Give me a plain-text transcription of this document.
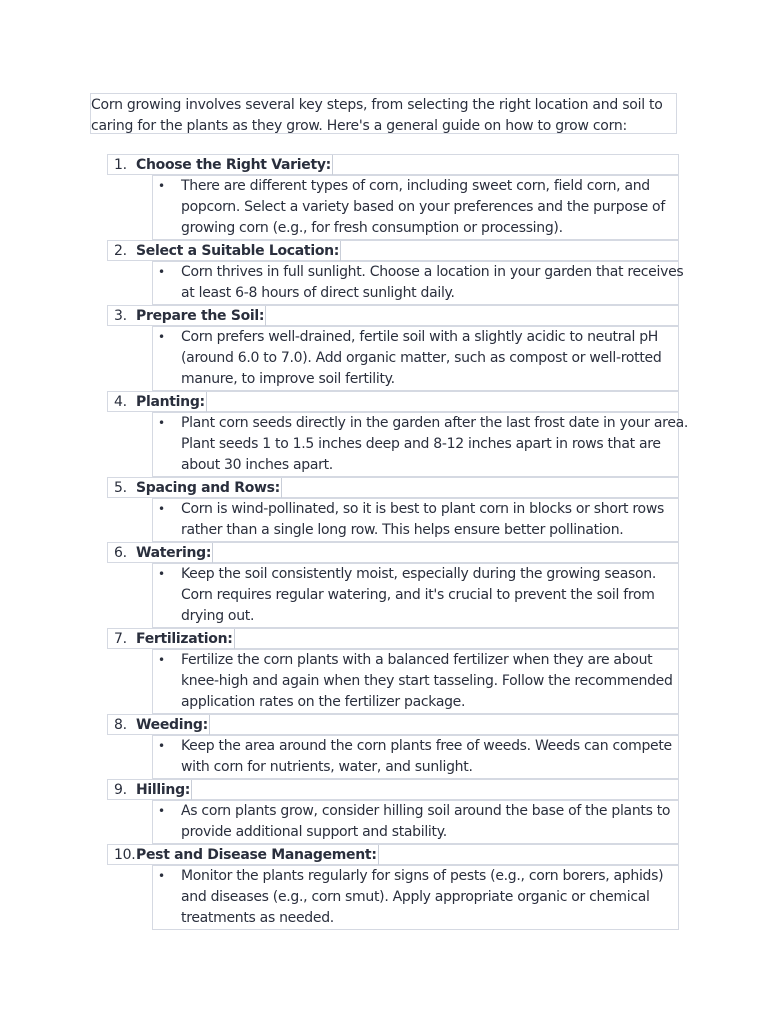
Corn growing involves several key steps, from selecting the right location and soil to
caring for the plants as they grow. Here's a general guide on how to grow corn:
1. Choose the Right Variety:
• There are different types of corn, including sweet corn, field corn, and
popcorn. Select a variety based on your preferences and the purpose of
growing corn (e.g., for fresh consumption or processing).
2. Select a Suitable Location:
• Corn thrives in full sunlight. Choose a location in your garden that receives
at least 6-8 hours of direct sunlight daily.
3. Prepare the Soil:
• Corn prefers well-drained, fertile soil with a slightly acidic to neutral pH
(around 6.0 to 7.0). Add organic matter, such as compost or well-rotted
manure, to improve soil fertility.
4. Planting:
• Plant corn seeds directly in the garden after the last frost date in your area.
Plant seeds 1 to 1.5 inches deep and 8-12 inches apart in rows that are
about 30 inches apart.
5. Spacing and Rows:
• Corn is wind-pollinated, so it is best to plant corn in blocks or short rows
rather than a single long row. This helps ensure better pollination.
6. Watering:
• Keep the soil consistently moist, especially during the growing season.
Corn requires regular watering, and it's crucial to prevent the soil from
drying out.
7. Fertilization:
• Fertilize the corn plants with a balanced fertilizer when they are about
knee-high and again when they start tasseling. Follow the recommended
application rates on the fertilizer package.
8. Weeding:
• Keep the area around the corn plants free of weeds. Weeds can compete
with corn for nutrients, water, and sunlight.
9. Hilling:
• As corn plants grow, consider hilling soil around the base of the plants to
provide additional support and stability.
10. Pest and Disease Management:
• Monitor the plants regularly for signs of pests (e.g., corn borers, aphids)
and diseases (e.g., corn smut). Apply appropriate organic or chemical
treatments as needed.
